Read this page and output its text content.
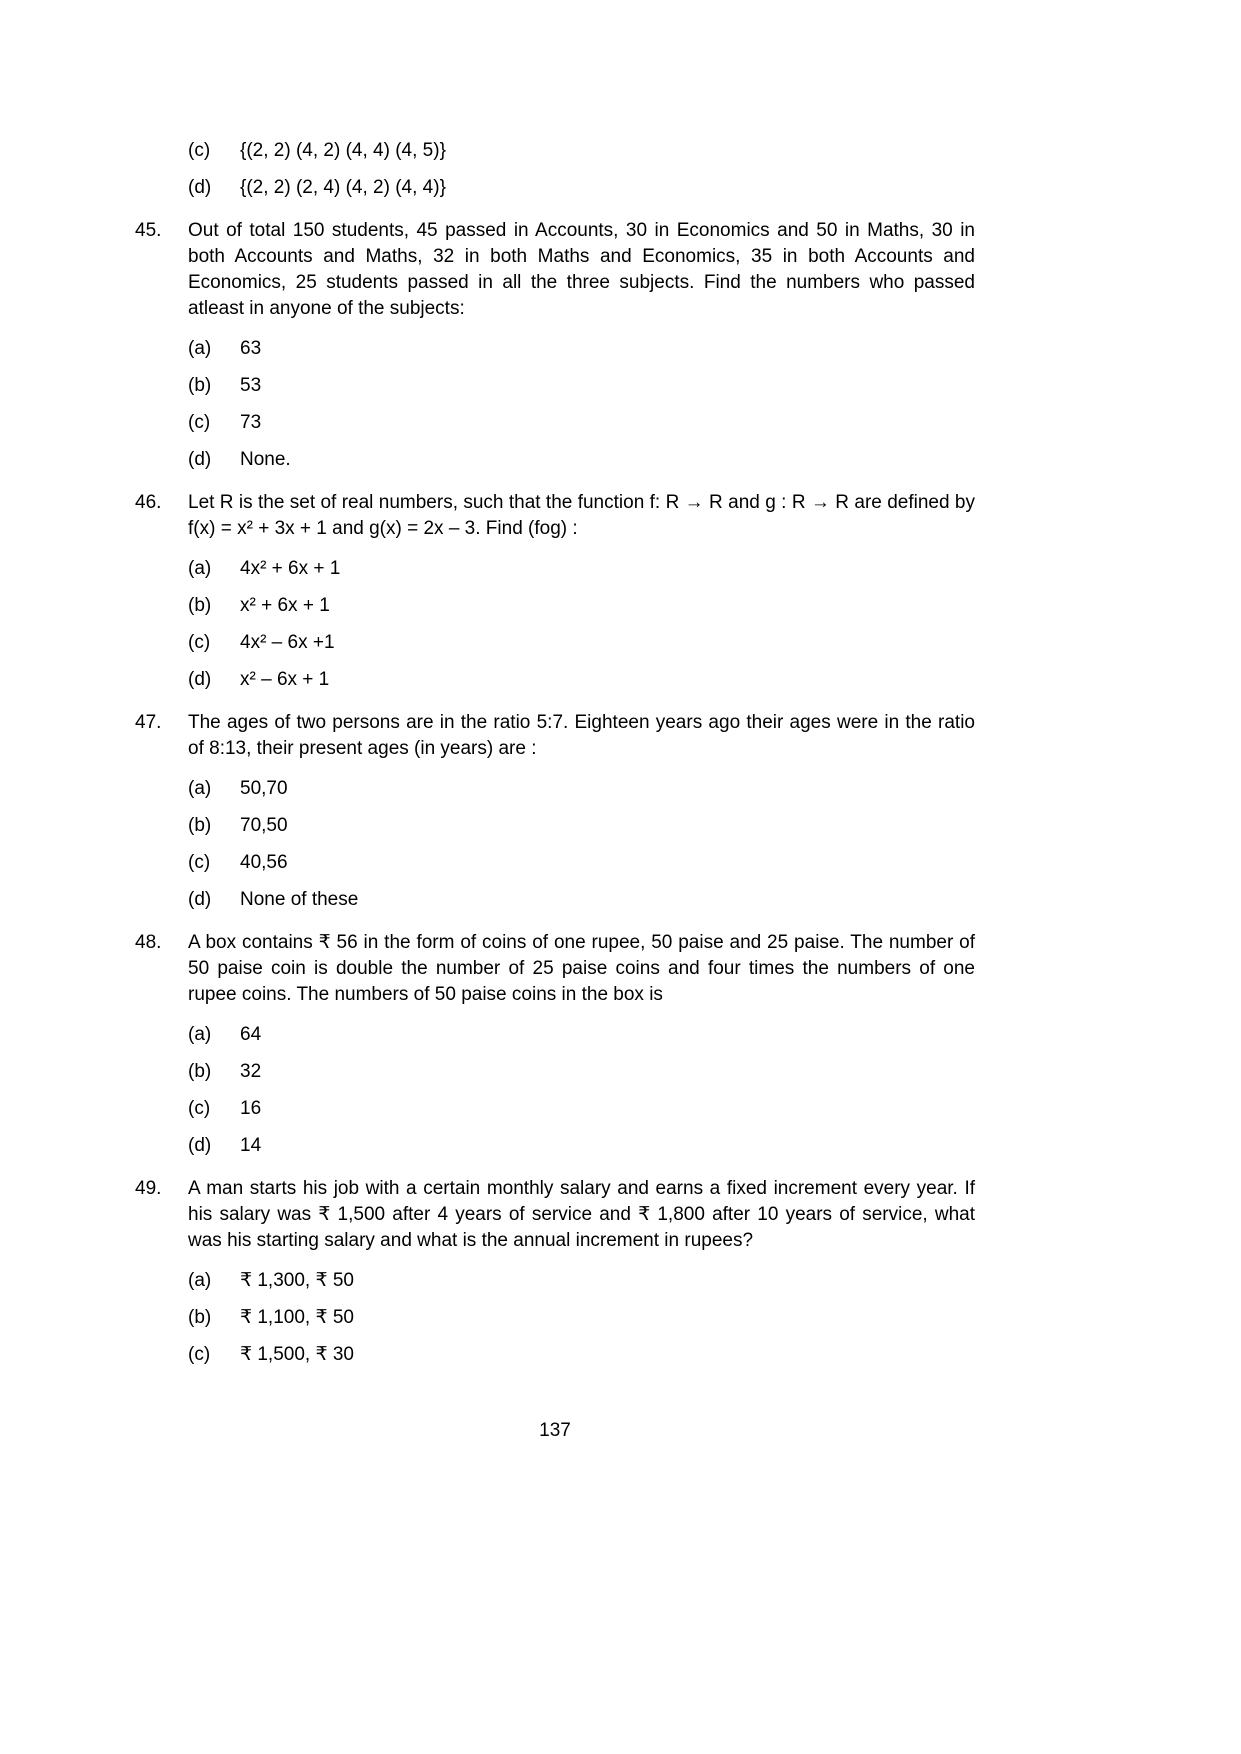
(c)	{(2, 2) (4, 2) (4, 4) (4, 5)}
(d)	{(2, 2) (2, 4) (4, 2) (4, 4)}
45.	Out of total 150 students, 45 passed in Accounts, 30 in Economics and 50 in Maths, 30 in both Accounts and Maths, 32 in both Maths and Economics, 35 in both Accounts and Economics, 25 students passed in all the three subjects. Find the numbers who passed atleast in anyone of the subjects:
(a)	63
(b)	53
(c)	73
(d)	None.
46.	Let R is the set of real numbers, such that the function f: R → R and g : R → R are defined by f(x) = x² + 3x + 1 and g(x) = 2x – 3. Find (fog) :
(a)	4x² + 6x + 1
(b)	x² + 6x + 1
(c)	4x² – 6x +1
(d)	x² – 6x + 1
47.	The ages of two persons are in the ratio 5:7. Eighteen years ago their ages were in the ratio of 8:13, their present ages (in years) are :
(a)	50,70
(b)	70,50
(c)	40,56
(d)	None of these
48.	A box contains ₹ 56 in the form of coins of one rupee, 50 paise and 25 paise. The number of 50 paise coin is double the number of 25 paise coins and four times the numbers of one rupee coins. The numbers of 50 paise coins in the box is
(a)	64
(b)	32
(c)	16
(d)	14
49.	A man starts his job with a certain monthly salary and earns a fixed increment every year. If his salary was ₹ 1,500 after 4 years of service and ₹ 1,800 after 10 years of service, what was his starting salary and what is the annual increment in rupees?
(a)	₹ 1,300, ₹ 50
(b)	₹ 1,100, ₹ 50
(c)	₹ 1,500, ₹ 30
137
